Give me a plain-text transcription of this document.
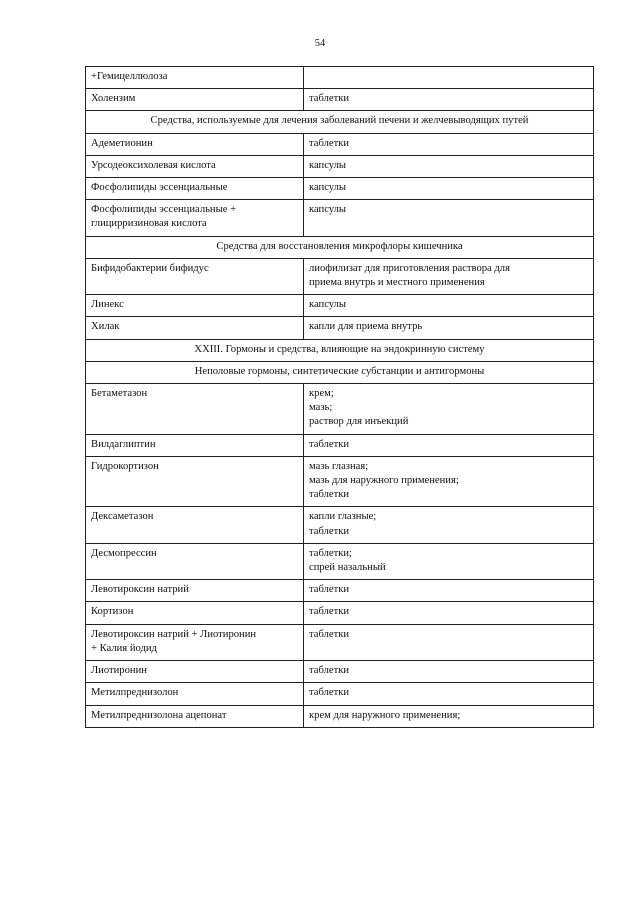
54
+Гемицеллюлоза	

Холензим	таблетки

Средства, используемые для лечения заболеваний печени и желчевыводящих путей	

Адеметионин	таблетки

Урсодеоксихолевая кислота	капсулы

Фосфолипиды эссенциальные	капсулы

Фосфолипиды эссенциальные +
глицирризиновая кислота	капсулы

Средства для восстановления микрофлоры кишечника	

Бифидобактерии бифидус	лиофилизат для приготовления раствора для
приема внутрь и местного применения

Линекс	капсулы

Хилак	капли для приема внутрь

XXIII. Гормоны и средства, влияющие на эндокринную систему	
Неполовые гормоны, синтетические субстанции и антигормоны	

Бетаметазон	крем;
мазь;
раствор для инъекций

Вилдаглиптин	таблетки

Гидрокортизон	мазь глазная;
мазь для наружного применения;
таблетки

Дексаметазон	капли глазные;
таблетки

Десмопрессин	таблетки;
спрей назальный

Левотироксин натрий	таблетки

Кортизон	таблетки

Левотироксин натрий + Лиотиронин
+ Калия йодид	таблетки

Лиотиронин	таблетки

Метилпреднизолон	таблетки

Метилпреднизолона ацепонат	крем для наружного применения;
